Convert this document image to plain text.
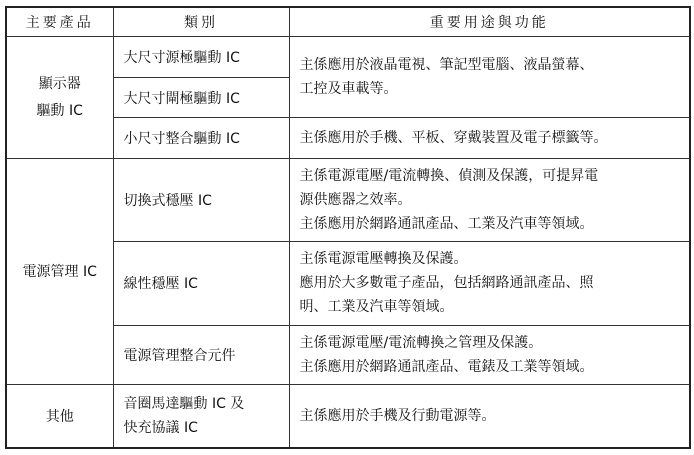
主要產品	類別	重要用途與功能

顯示器
驅動 IC	大尺寸源極驅動 IC	主係應用於液晶電視、筆記型電腦、液晶螢幕、
工控及車載等。

	大尺寸閘極驅動 IC	
	小尺寸整合驅動 IC	主係應用於手機、平板、穿戴裝置及電子標籤等。

電源管理 IC	切換式穩壓 IC	主係電源電壓/電流轉換、偵測及保護，可提昇電
源供應器之效率。
主係應用於網路通訊產品、工業及汽車等領域。

	線性穩壓 IC	主係電源電壓轉換及保護。
應用於大多數電子產品，包括網路通訊產品、照
明、工業及汽車等領域。

	電源管理整合元件	主係電源電壓/電流轉換之管理及保護。
主係應用於網路通訊產品、電錶及工業等領域。

其他	音圈馬達驅動 IC 及
快充協議 IC	主係應用於手機及行動電源等。
